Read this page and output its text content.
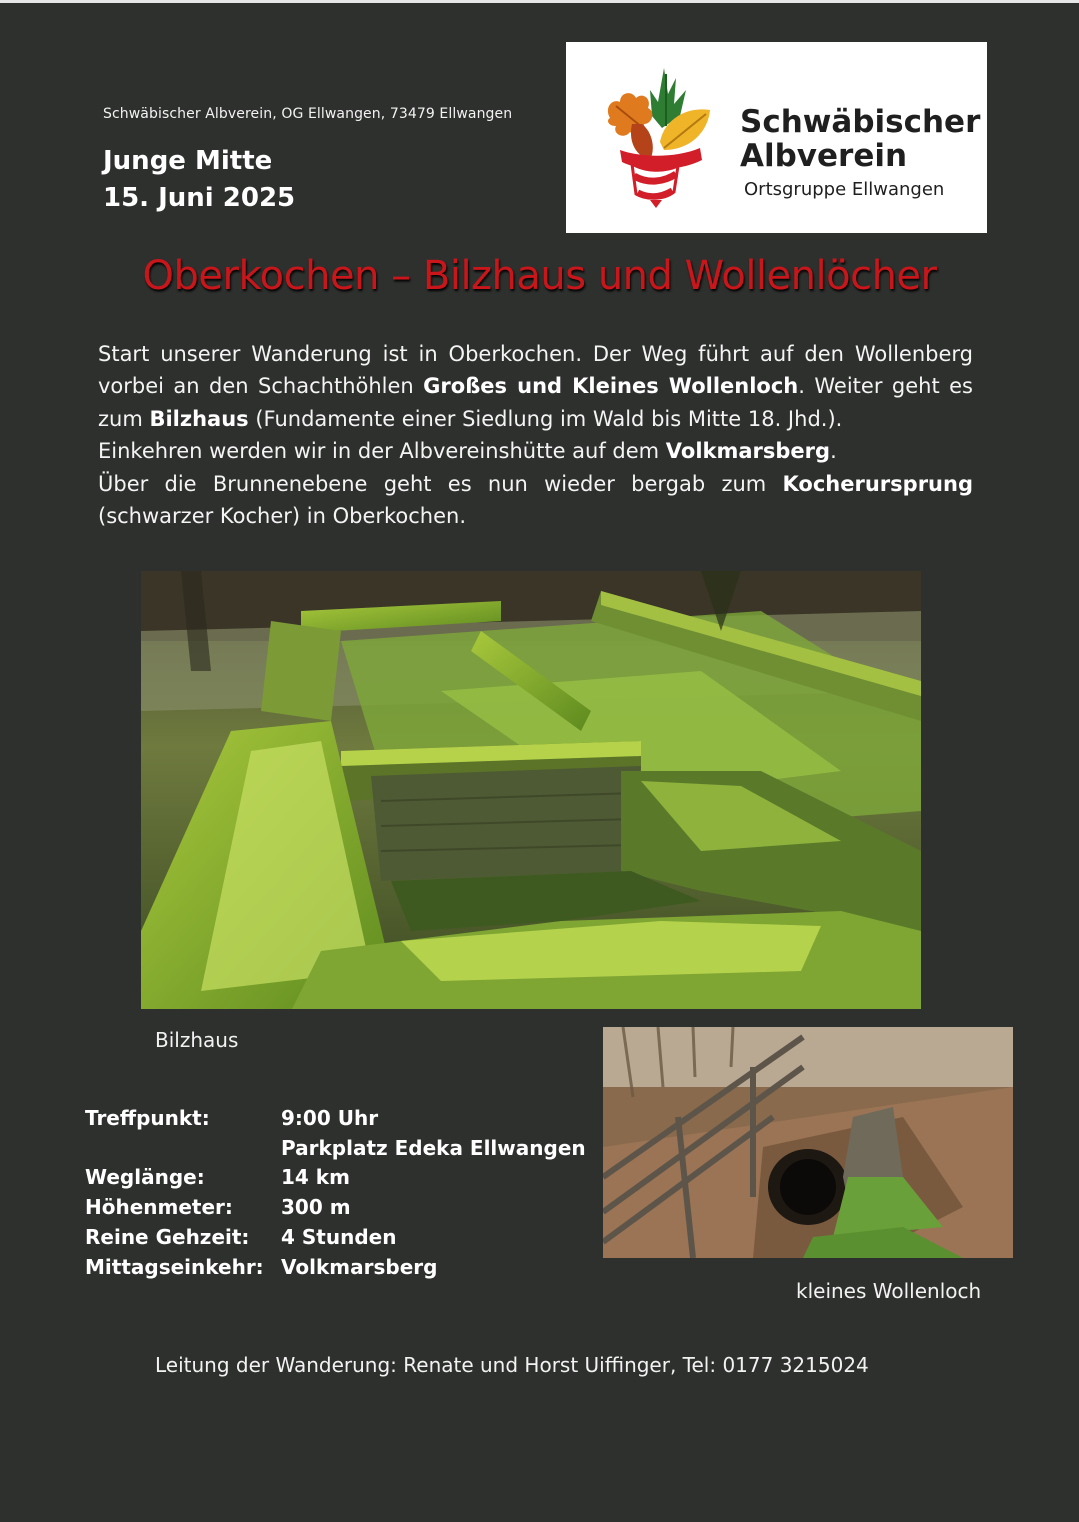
Schwäbischer Albverein, OG Ellwangen, 73479 Ellwangen
Junge Mitte
15. Juni 2025
Schwäbischer
Albverein
Ortsgruppe Ellwangen
Oberkochen – Bilzhaus und Wollenlöcher
Start unserer Wanderung ist in Oberkochen. Der Weg führt auf den Wollenberg vorbei an den Schachthöhlen Großes und Kleines Wollenloch. Weiter geht es zum Bilzhaus (Fundamente einer Siedlung im Wald bis Mitte 18. Jhd.).
Einkehren werden wir in der Albvereinshütte auf dem Volkmarsberg.
Über die Brunnenebene geht es nun wieder bergab zum Kocherursprung (schwarzer Kocher) in Oberkochen.
Bilzhaus
kleines Wollenloch
Treffpunkt:	9:00 Uhr
Parkplatz Edeka Ellwangen
Weglänge:	14 km
Höhenmeter:	300 m
Reine Gehzeit:	4 Stunden
Mittagseinkehr: Volkmarsberg
Leitung der Wanderung: Renate und Horst Uiffinger, Tel: 0177 3215024
